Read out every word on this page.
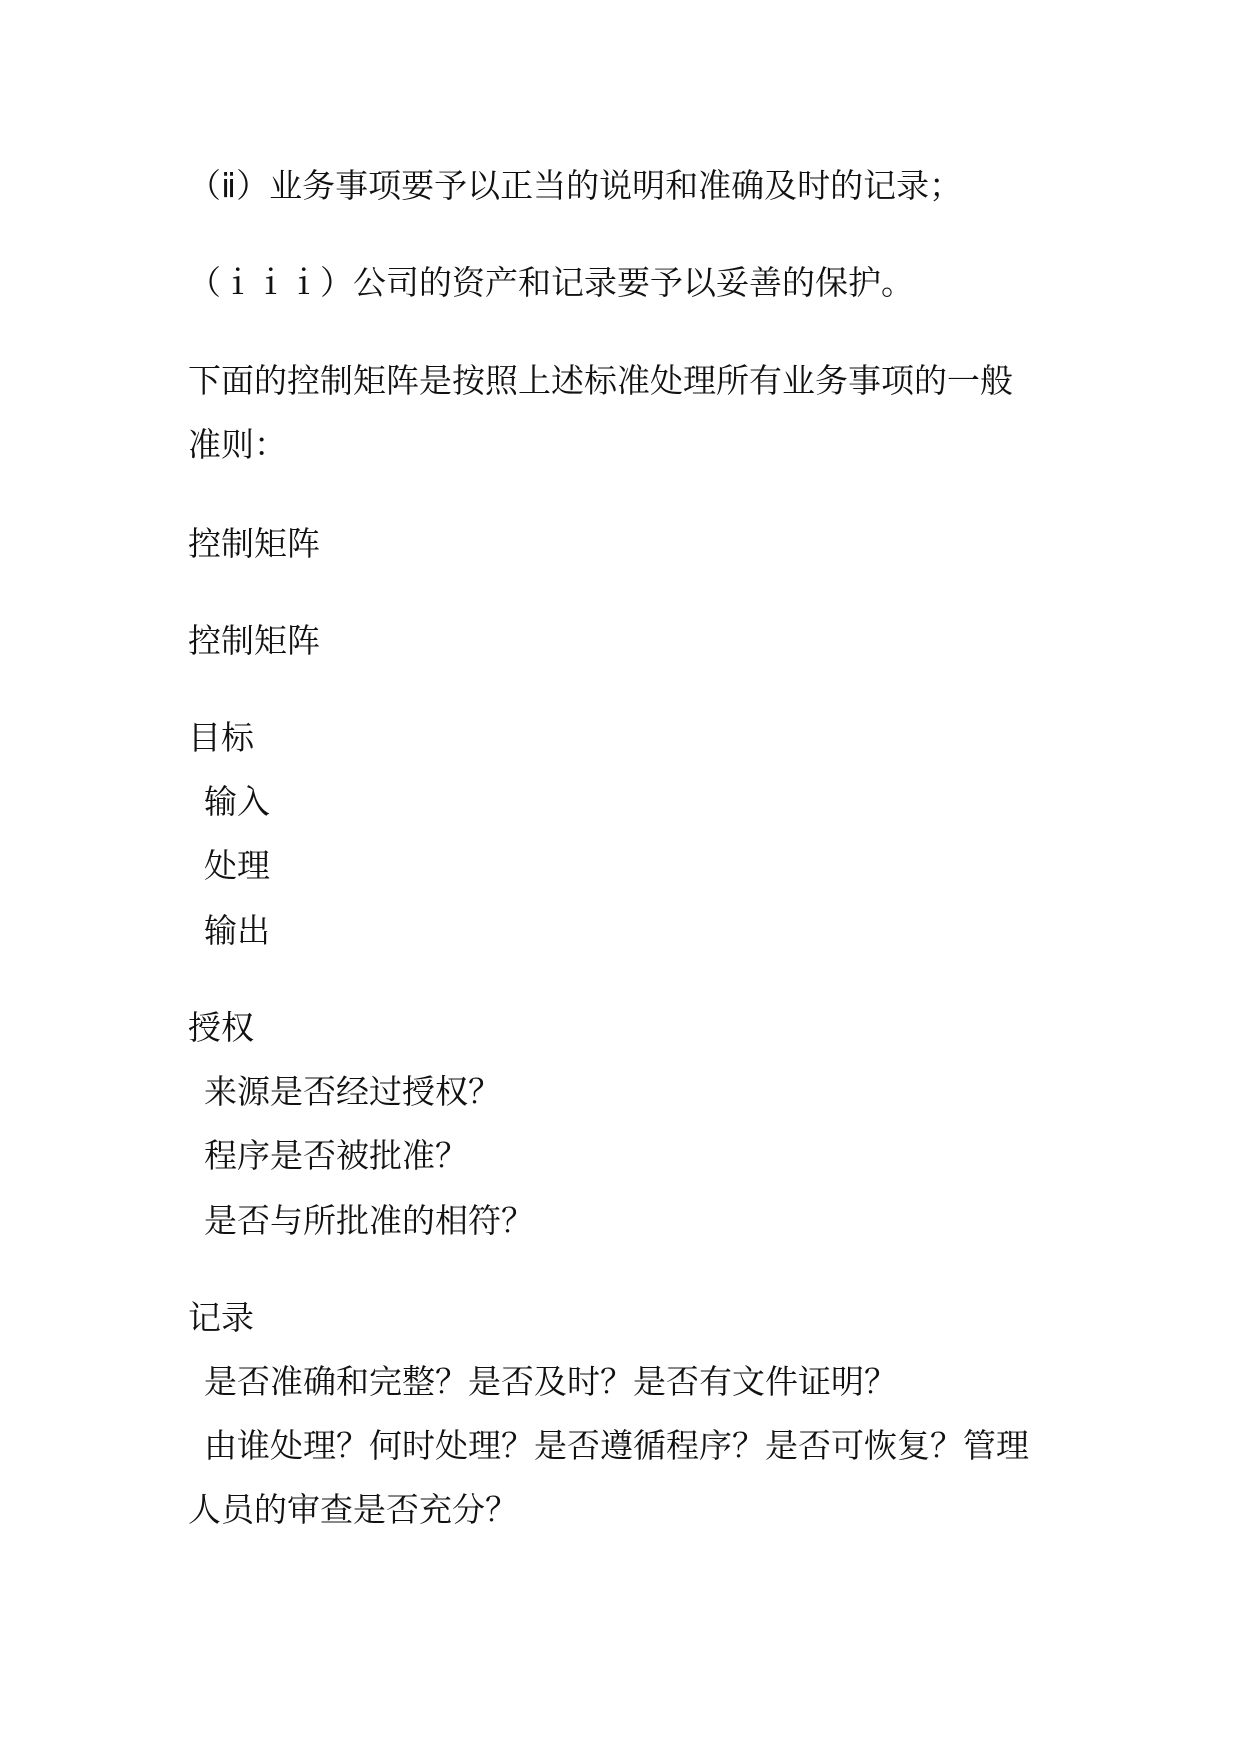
（ⅱ）业务事项要予以正当的说明和准确及时的记录；
（ｉｉｉ）公司的资产和记录要予以妥善的保护。
下面的控制矩阵是按照上述标准处理所有业务事项的一般
准则：
控制矩阵
控制矩阵
目标
输入
处理
输出
授权
来源是否经过授权？
程序是否被批准？
是否与所批准的相符？
记录
是否准确和完整？是否及时？是否有文件证明？
由谁处理？何时处理？是否遵循程序？是否可恢复？管理
人员的审查是否充分？
